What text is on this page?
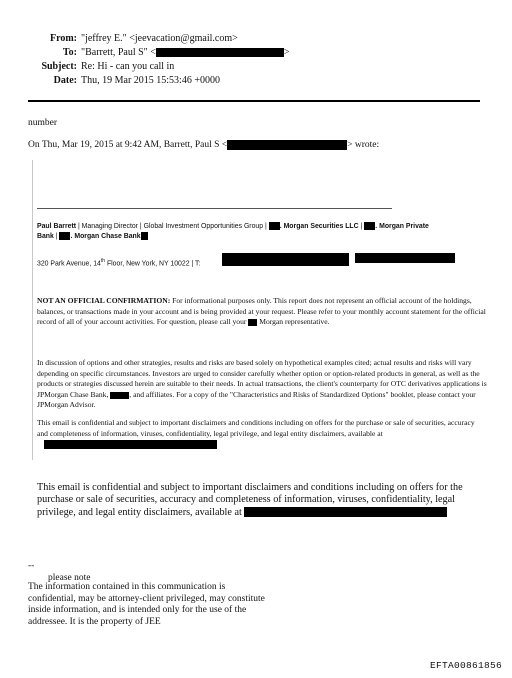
From: "jeffrey E." <jeevacation@gmail.com>
To: "Barrett, Paul S" <	>
Subject: Re: Hi - can you call in
Date: Thu, 19 Mar 2015 15:53:46 +0000
number
On Thu, Mar 19, 2015 at 9:42 AM, Barrett, Paul S <	> wrote:
Paul Barrett | Managing Director | Global Investment Opportunities Group | . Morgan Securities LLC | . Morgan Private
Bank | . Morgan Chase Bank
320 Park Avenue, 14th Floor, New York, NY 10022 | T:
NOT AN OFFICIAL CONFIRMATION: For informational purposes only. This report does not represent an official account of the holdings, balances, or transactions made in your account and is being provided at your request. Please refer to your monthly account statement for the official record of all of your account activities. For question, please call your  Morgan representative.
In discussion of options and other strategies, results and risks are based solely on hypothetical examples cited; actual results and risks will vary depending on specific circumstances. Investors are urged to consider carefully whether option or option-related products in general, as well as the products or strategies discussed herein are suitable to their needs. In actual transactions, the client's counterparty for OTC derivatives applications is JPMorgan Chase Bank,	, and affiliates. For a copy of the "Characteristics and Risks of Standardized Options" booklet, please contact your JPMorgan Advisor.
This email is confidential and subject to important disclaimers and conditions including on offers for the purchase or sale of securities, accuracy and completeness of information, viruses, confidentiality, legal privilege, and legal entity disclaimers, available at
This email is confidential and subject to important disclaimers and conditions including on offers for the purchase or sale of securities, accuracy and completeness of information, viruses, confidentiality, legal privilege, and legal entity disclaimers, available at
--
please note
The information contained in this communication is confidential, may be attorney-client privileged, may constitute inside information, and is intended only for the use of the addressee. It is the property of JEE
EFTA00861856
